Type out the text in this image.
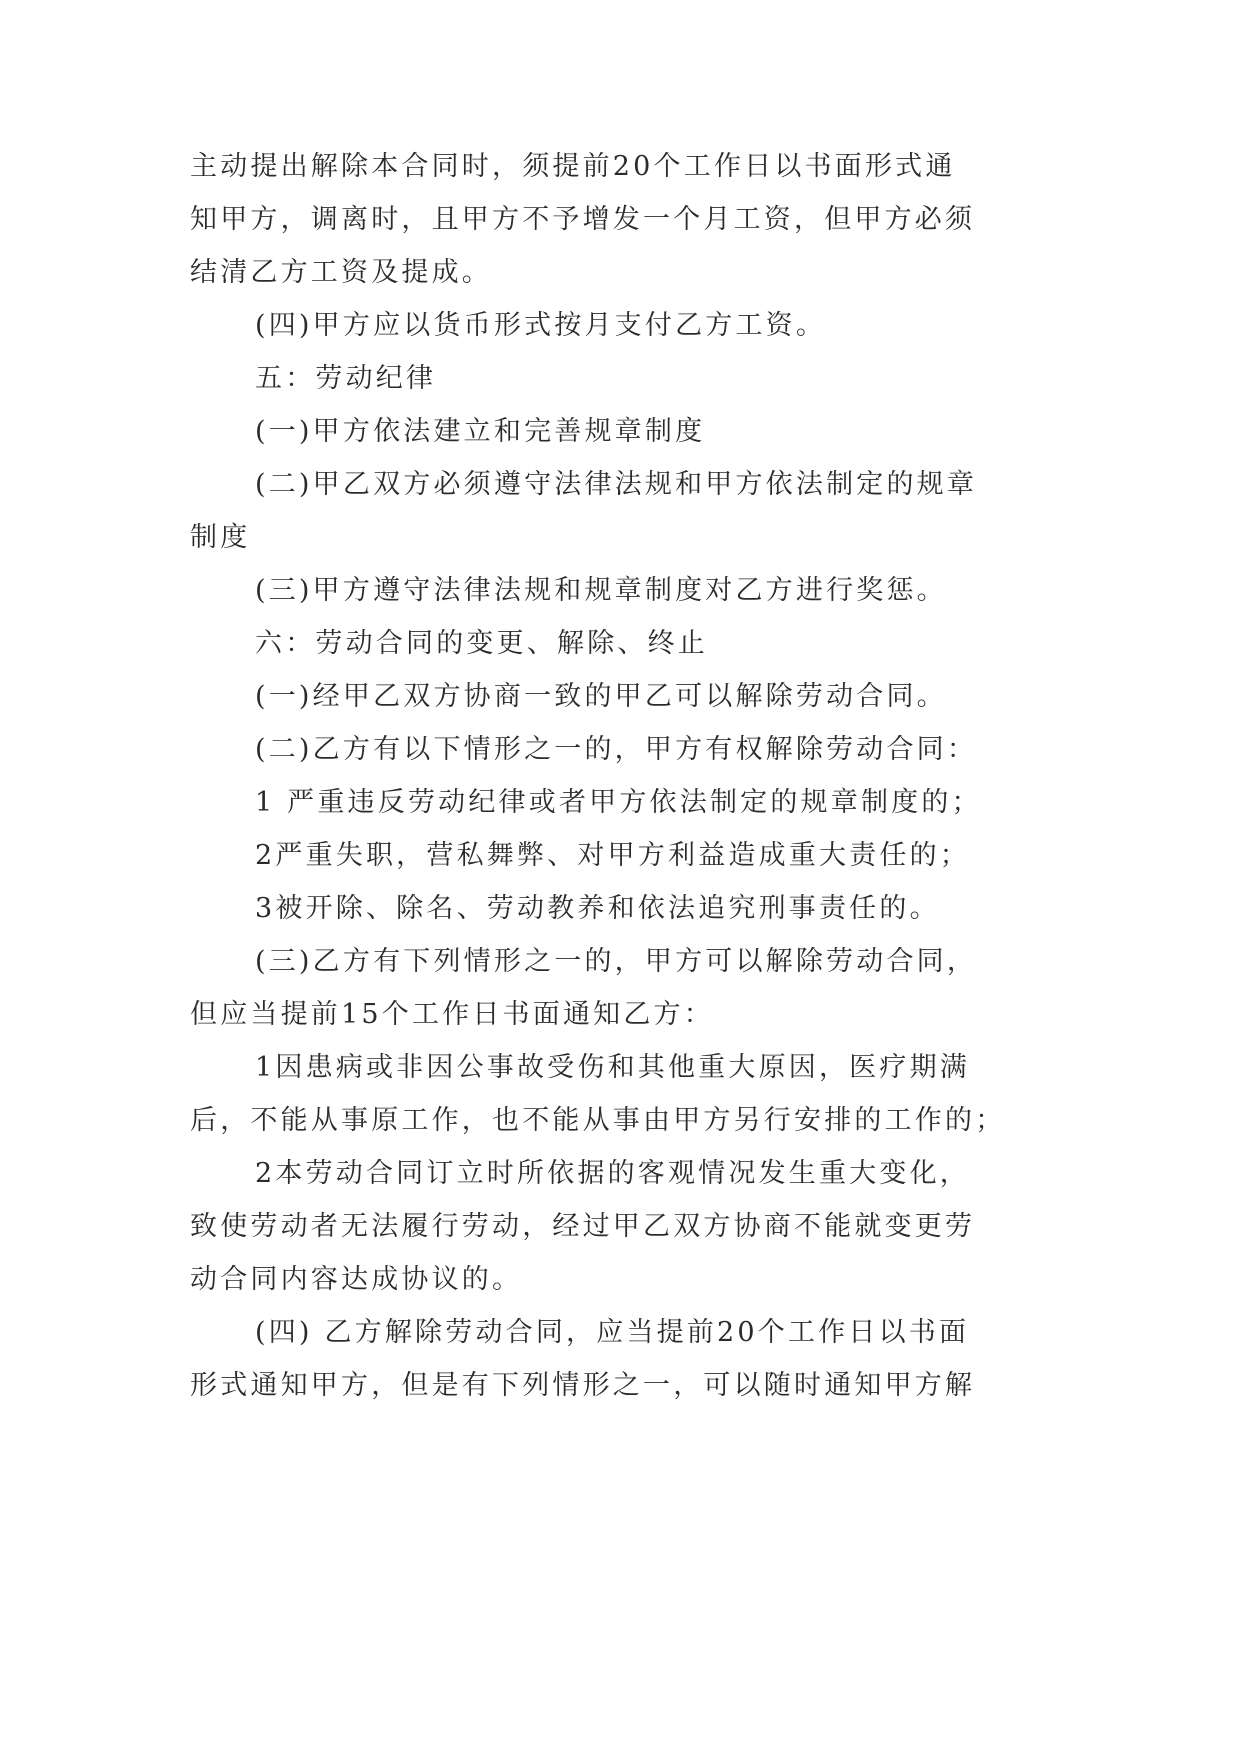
主动提出解除本合同时，须提前20个工作日以书面形式通
知甲方，调离时，且甲方不予增发一个月工资，但甲方必须
结清乙方工资及提成。
(四)甲方应以货币形式按月支付乙方工资。
五：劳动纪律
(一)甲方依法建立和完善规章制度
(二)甲乙双方必须遵守法律法规和甲方依法制定的规章
制度
(三)甲方遵守法律法规和规章制度对乙方进行奖惩。
六：劳动合同的变更、解除、终止
(一)经甲乙双方协商一致的甲乙可以解除劳动合同。
(二)乙方有以下情形之一的，甲方有权解除劳动合同：
1 严重违反劳动纪律或者甲方依法制定的规章制度的；
2严重失职，营私舞弊、对甲方利益造成重大责任的；
3被开除、除名、劳动教养和依法追究刑事责任的。
(三)乙方有下列情形之一的，甲方可以解除劳动合同，
但应当提前15个工作日书面通知乙方：
1因患病或非因公事故受伤和其他重大原因，医疗期满
后，不能从事原工作，也不能从事由甲方另行安排的工作的；
2本劳动合同订立时所依据的客观情况发生重大变化，
致使劳动者无法履行劳动，经过甲乙双方协商不能就变更劳
动合同内容达成协议的。
(四) 乙方解除劳动合同，应当提前20个工作日以书面
形式通知甲方，但是有下列情形之一，可以随时通知甲方解
